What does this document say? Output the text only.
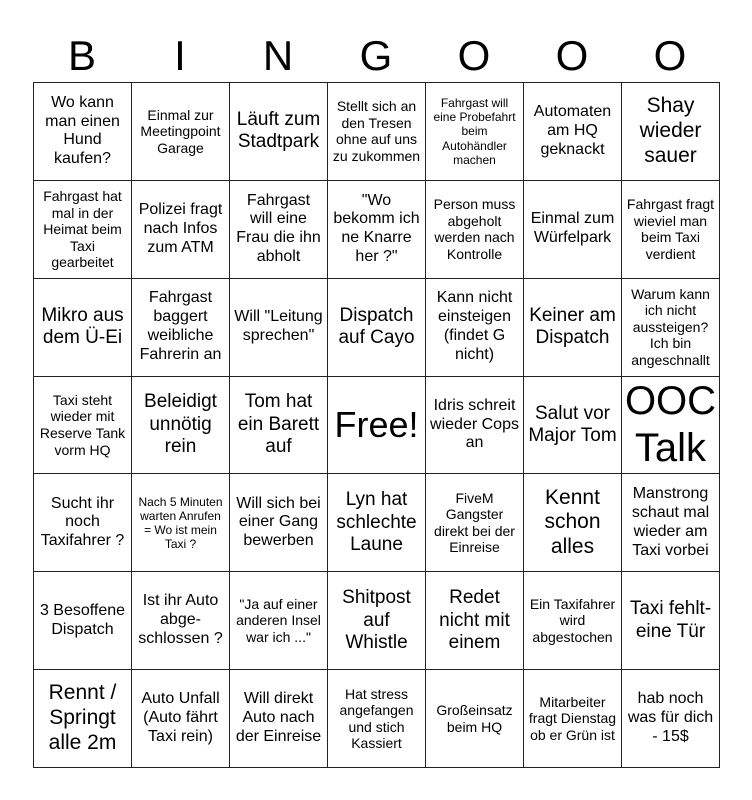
B	I	N	G	O	O	O
Wo kann man einen Hund kaufen?
Einmal zur Meetingpoint Garage
Läuft zum Stadtpark
Stellt sich an den Tresen ohne auf uns zu zukommen
Fahrgast will eine Probefahrt beim Autohändler machen
Automaten am HQ geknackt
Shay wieder sauer
Fahrgast hat mal in der Heimat beim Taxi gearbeitet
Polizei fragt nach Infos zum ATM
Fahrgast will eine Frau die ihn abholt
"Wo bekomm ich ne Knarre her ?"
Person muss abgeholt werden nach Kontrolle
Einmal zum Würfelpark
Fahrgast fragt wieviel man beim Taxi verdient
Mikro aus dem Ü-Ei
Fahrgast baggert weibliche Fahrerin an
Will "Leitung sprechen"
Dispatch auf Cayo
Kann nicht einsteigen (findet G nicht)
Keiner am Dispatch
Warum kann ich nicht aussteigen? Ich bin angeschnallt
Taxi steht wieder mit Reserve Tank vorm HQ
Beleidigt unnötig rein
Tom hat ein Barett auf
Free! Idris schreit wieder Cops an
Salut vor Major Tom
OOC Talk
Sucht ihr noch Taxifahrer ?
Nach 5 Minuten warten Anrufen = Wo ist mein Taxi ?
Will sich bei einer Gang bewerben
Lyn hat schlechte Laune
FiveM Gangster direkt bei der Einreise
Kennt schon alles
Manstrong schaut mal wieder am Taxi vorbei
3 Besoffene Dispatch
Ist ihr Auto abge-schlossen ?
"Ja auf einer anderen Insel war ich ..."
Shitpost auf Whistle
Redet nicht mit einem
Ein Taxifahrer wird abgestochen
Taxi fehlt-eine Tür
Rennt / Springt alle 2m
Auto Unfall (Auto fährt Taxi rein)
Will direkt Auto nach der Einreise
Hat stress angefangen und stich Kassiert
Großeinsatz beim HQ
Mitarbeiter fragt Dienstag ob er Grün ist
hab noch was für dich - 15$
